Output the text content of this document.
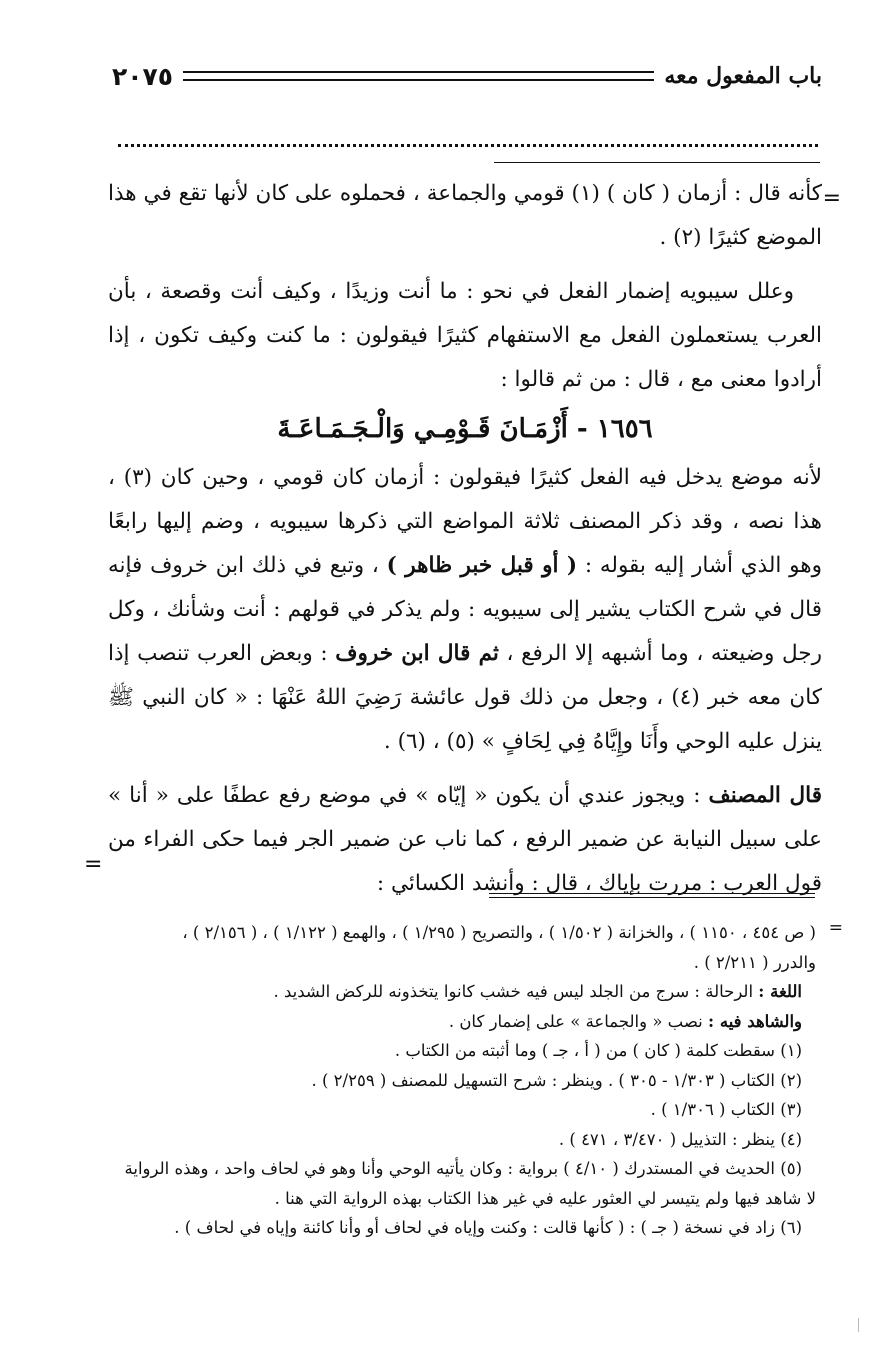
باب المفعول معه
٢٠٧٥
=

كأنه قال : أزمان ( كان ) (١) قومي والجماعة ، فحملوه على كان لأنها تقع في هذا الموضع كثيرًا (٢) .

وعلل سيبويه إضمار الفعل في نحو : ما أنت وزيدًا ، وكيف أنت وقصعة ، بأن العرب يستعملون الفعل مع الاستفهام كثيرًا فيقولون : ما كنت وكيف تكون ، إذا أرادوا معنى مع ، قال : من ثم قالوا :

١٦٥٦ - أَزْمَـانَ قَـوْمِـي وَالْـجَـمَـاعَـةَ

لأنه موضع يدخل فيه الفعل كثيرًا فيقولون : أزمان كان قومي ، وحين كان (٣) ، هذا نصه ، وقد ذكر المصنف ثلاثة المواضع التي ذكرها سيبويه ، وضم إليها رابعًا وهو الذي أشار إليه بقوله : ( أو قبل خبر ظاهر ) ، وتبع في ذلك ابن خروف فإنه قال في شرح الكتاب يشير إلى سيبويه : ولم يذكر في قولهم : أنت وشأنك ، وكل رجل وضيعته ، وما أشبهه إلا الرفع ، ثم قال ابن خروف : وبعض العرب تنصب إذا كان معه خبر (٤) ، وجعل من ذلك قول عائشة رَضِيَ اللهُ عَنْهَا : « كان النبي ﷺ ينزل عليه الوحي وأَنَا وإِيَّاهُ فِي لِحَافٍ » (٥) ، (٦) .

قال المصنف : ويجوز عندي أن يكون « إيّاه » في موضع رفع عطفًا على « أنا » على سبيل النيابة عن ضمير الرفع ، كما ناب عن ضمير الجر فيما حكى الفراء من قول العرب : مررت بإياك ، قال : وأنشد الكسائي :

=
=
( ص ٤٥٤ ، ١١٥٠ ) ، والخزانة ( ١/٥٠٢ ) ، والتصريح ( ١/٢٩٥ ) ، والهمع ( ١/١٢٢ ) ، ( ٢/١٥٦ ) ،
والدرر ( ٢/٢١١ ) .
اللغة : الرحالة : سرج من الجلد ليس فيه خشب كانوا يتخذونه للركض الشديد .
والشاهد فيه : نصب « والجماعة » على إضمار كان .
(١) سقطت كلمة ( كان ) من ( أ ، جـ ) وما أثبته من الكتاب .
(٢) الكتاب ( ١/٣٠٣ - ٣٠٥ ) . وينظر : شرح التسهيل للمصنف ( ٢/٢٥٩ ) .
(٣) الكتاب ( ١/٣٠٦ ) .
(٤) ينظر : التذييل ( ٣/٤٧٠ ، ٤٧١ ) .
(٥) الحديث في المستدرك ( ٤/١٠ ) برواية : وكان يأتيه الوحي وأنا وهو في لحاف واحد ، وهذه الرواية
لا شاهد فيها ولم يتيسر لي العثور عليه في غير هذا الكتاب بهذه الرواية التي هنا .
(٦) زاد في نسخة ( جـ ) : ( كأنها قالت : وكنت وإياه في لحاف أو وأنا كائنة وإياه في لحاف ) .
